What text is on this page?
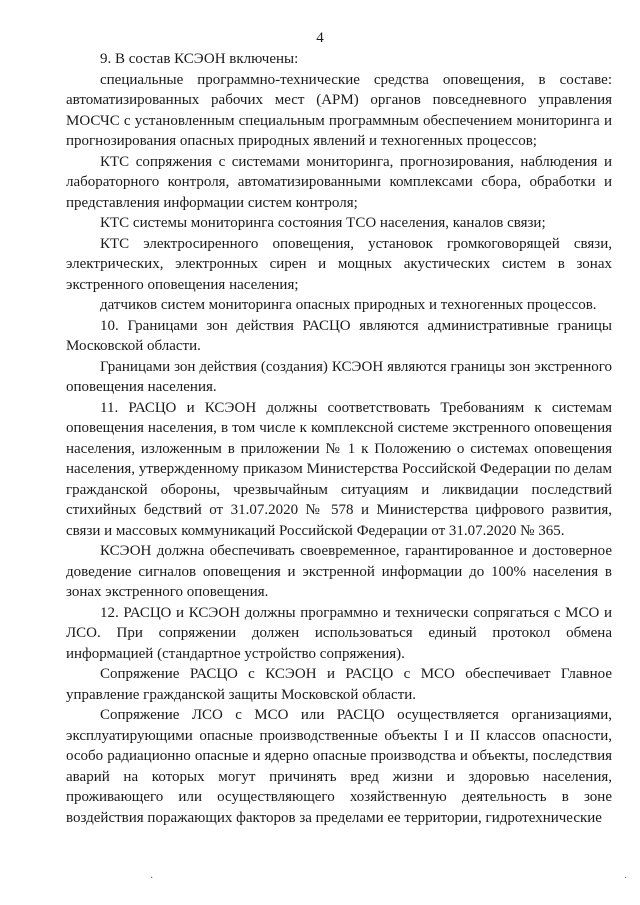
4

9. В состав КСЭОН включены:

специальные программно-технические средства оповещения, в составе: автоматизированных рабочих мест (АРМ) органов повседневного управления МОСЧС с установленным специальным программным обеспечением мониторинга и прогнозирования опасных природных явлений и техногенных процессов;

КТС сопряжения с системами мониторинга, прогнозирования, наблюдения и лабораторного контроля, автоматизированными комплексами сбора, обработки и представления информации систем контроля;

КТС системы мониторинга состояния ТСО населения, каналов связи;

КТС электросиренного оповещения, установок громкоговорящей связи, электрических, электронных сирен и мощных акустических систем в зонах экстренного оповещения населения;

датчиков систем мониторинга опасных природных и техногенных процессов.

10. Границами зон действия РАСЦО являются административные границы Московской области.

Границами зон действия (создания) КСЭОН являются границы зон экстренного оповещения населения.

11. РАСЦО и КСЭОН должны соответствовать Требованиям к системам оповещения населения, в том числе к комплексной системе экстренного оповещения населения, изложенным в приложении № 1 к Положению о системах оповещения населения, утвержденному приказом Министерства Российской Федерации по делам гражданской обороны, чрезвычайным ситуациям и ликвидации последствий стихийных бедствий от 31.07.2020 № 578 и Министерства цифрового развития, связи и массовых коммуникаций Российской Федерации от 31.07.2020 № 365.

КСЭОН должна обеспечивать своевременное, гарантированное и достоверное доведение сигналов оповещения и экстренной информации до 100% населения в зонах экстренного оповещения.

12. РАСЦО и КСЭОН должны программно и технически сопрягаться с МСО и ЛСО. При сопряжении должен использоваться единый протокол обмена информацией (стандартное устройство сопряжения).

Сопряжение РАСЦО с КСЭОН и РАСЦО с МСО обеспечивает Главное управление гражданской защиты Московской области.

Сопряжение ЛСО с МСО или РАСЦО осуществляется организациями, эксплуатирующими опасные производственные объекты I и II классов опасности, особо радиационно опасные и ядерно опасные производства и объекты, последствия аварий на которых могут причинять вред жизни и здоровью населения, проживающего или осуществляющего хозяйственную деятельность в зоне воздействия поражающих факторов за пределами ее территории, гидротехнические

·	·
